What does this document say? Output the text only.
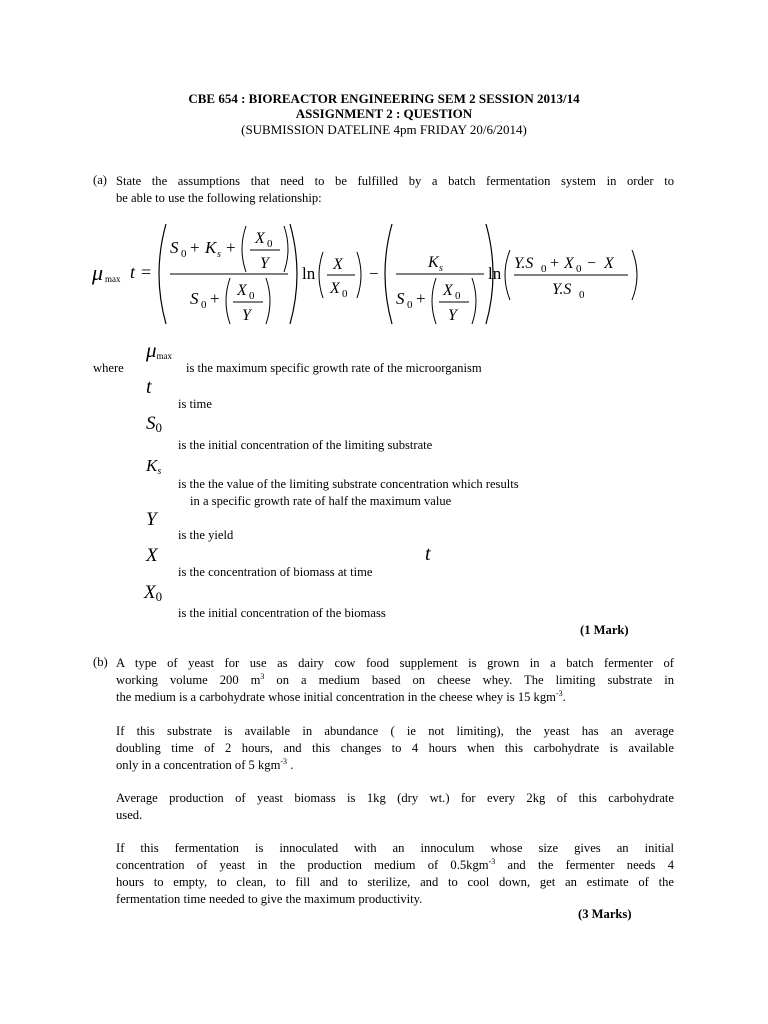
CBE 654 : BIOREACTOR ENGINEERING SEM 2 SESSION 2013/14
ASSIGNMENT 2 : QUESTION
(SUBMISSION DATELINE 4pm FRIDAY 20/6/2014)
(a) State the assumptions that need to be fulfilled by a batch fermentation system in order to
be able to use the following relationship:
μ max t =
S 0 + K s + X 0
Y
S 0 + X 0
Y
ln X
X 0
−
K s
S 0 + X 0
Y
ln
Y.S 0 + X 0 − X
Y.S 0
μmax
where	is the maximum specific growth rate of the microorganism
t
is time
S0
is the initial concentration of the limiting substrate
Ks
is the the value of the limiting substrate concentration which results
in a specific growth rate of half the maximum value
Y
is the yield
X
is the concentration of biomass at time
t
X0
is the initial concentration of the biomass
(1 Mark)
(b) A type of yeast for use as dairy cow food supplement is grown in a batch fermenter of
working volume 200 $m^3$ on a medium based on cheese whey. The limiting substrate in
the medium is a carbohydrate whose initial concentration in the cheese whey is 15 kgm$^{-3}$.
If this substrate is available in abundance ( ie not limiting), the yeast has an average
doubling time of 2 hours, and this changes to 4 hours when this carbohydrate is available
only in a concentration of 5 kgm$^{-3}$ .
Average production of yeast biomass is 1kg (dry wt.) for every 2kg of this carbohydrate
used.
If this fermentation is innoculated with an innoculum whose size gives an initial
concentration of yeast in the production medium of 0.5kgm$^{-3}$ and the fermenter needs 4
hours to empty, to clean, to fill and to sterilize, and to cool down, get an estimate of the
fermentation time needed to give the maximum productivity.
(3 Marks)
